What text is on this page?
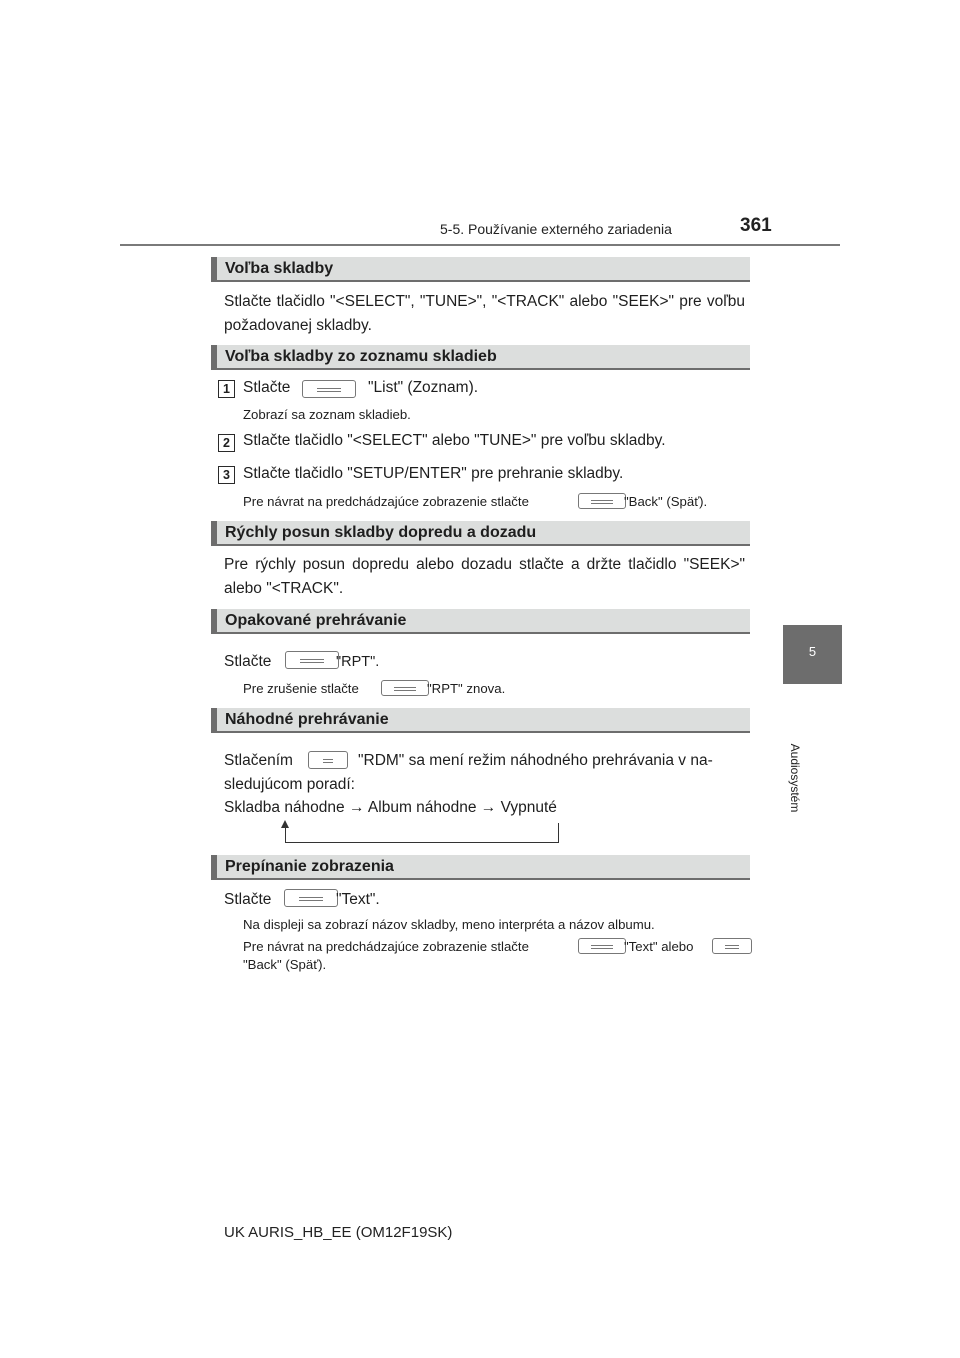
5-5. Používanie externého zariadenia	361
5
Audiosystém
Voľba skladby
Stlačte tlačidlo "<SELECT", "TUNE>", "<TRACK" alebo "SEEK>" pre voľbu požadovanej skladby.
Voľba skladby zo zoznamu skladieb
1 Stlačte	"List" (Zoznam).
Zobrazí sa zoznam skladieb.
2 Stlačte tlačidlo "<SELECT" alebo "TUNE>" pre voľbu skladby.
3 Stlačte tlačidlo "SETUP/ENTER" pre prehranie skladby.
Pre návrat na predchádzajúce zobrazenie stlačte	"Back" (Späť).
Rýchly posun skladby dopredu a dozadu
Pre rýchly posun dopredu alebo dozadu stlačte a držte tlačidlo "SEEK>" alebo "<TRACK".
Opakované prehrávanie
Stlačte	"RPT".
Pre zrušenie stlačte	"RPT" znova.
Náhodné prehrávanie
Stlačením	"RDM" sa mení režim náhodného prehrávania v na-
sledujúcom poradí:
Skladba náhodne → Album náhodne → Vypnuté
Prepínanie zobrazenia
Stlačte	"Text".
Na displeji sa zobrazí názov skladby, meno interpréta a názov albumu.
Pre návrat na predchádzajúce zobrazenie stlačte	"Text" alebo
"Back" (Späť).
UK AURIS_HB_EE (OM12F19SK)
